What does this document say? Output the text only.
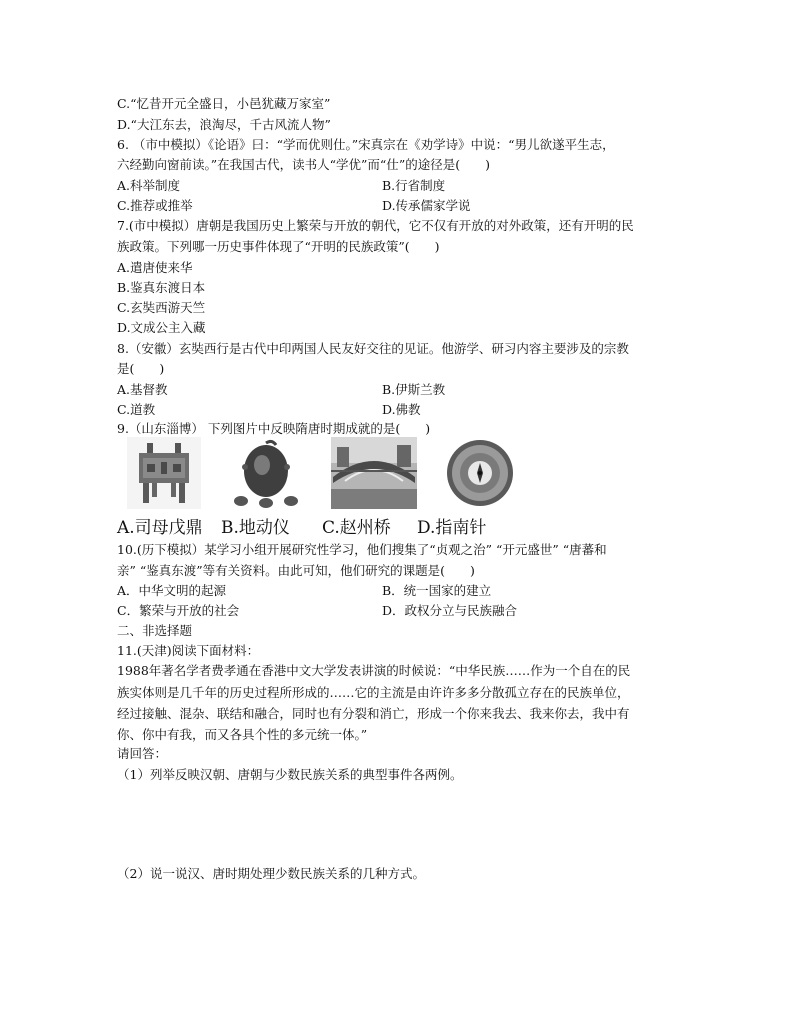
C.“忆昔开元全盛日，小邑犹藏万家室”
D.“大江东去，浪淘尽，千古风流人物”
6. （市中模拟）《论语》曰：“学而优则仕。”宋真宗在《劝学诗》中说：“男儿欲遂平生志，
六经勤向窗前读。”在我国古代，读书人“学优”而“仕”的途径是(　　)
A.科举制度	B.行省制度
C.推荐或推举	D.传承儒家学说
7.(市中模拟）唐朝是我国历史上繁荣与开放的朝代，它不仅有开放的对外政策，还有开明的民
族政策。下列哪一历史事件体现了“开明的民族政策”(　　)
A.遣唐使来华
B.鉴真东渡日本
C.玄奘西游天竺
D.文成公主入藏
8.（安徽）玄奘西行是古代中印两国人民友好交往的见证。他游学、研习内容主要涉及的宗教
是(　　)
A.基督教	B.伊斯兰教
C.道教	D.佛教
9.（山东淄博） 下列图片中反映隋唐时期成就的是(　　)
A.司母戊鼎 B.地动仪 C.赵州桥 D.指南针
10.(历下模拟）某学习小组开展研究性学习，他们搜集了“贞观之治” “开元盛世” “唐蕃和
亲” “鉴真东渡”等有关资料。由此可知，他们研究的课题是(　　)
A．中华文明的起源	B．统一国家的建立
C．繁荣与开放的社会	D．政权分立与民族融合
二、非选择题
11.(天津)阅读下面材料：
1988年著名学者费孝通在香港中文大学发表讲演的时候说：“中华民族……作为一个自在的民
族实体则是几千年的历史过程所形成的……它的主流是由许许多多分散孤立存在的民族单位，
经过接触、混杂、联结和融合，同时也有分裂和消亡，形成一个你来我去、我来你去，我中有
你、你中有我，而又各具个性的多元统一体。”
请回答：
（1）列举反映汉朝、唐朝与少数民族关系的典型事件各两例。
（2）说一说汉、唐时期处理少数民族关系的几种方式。
